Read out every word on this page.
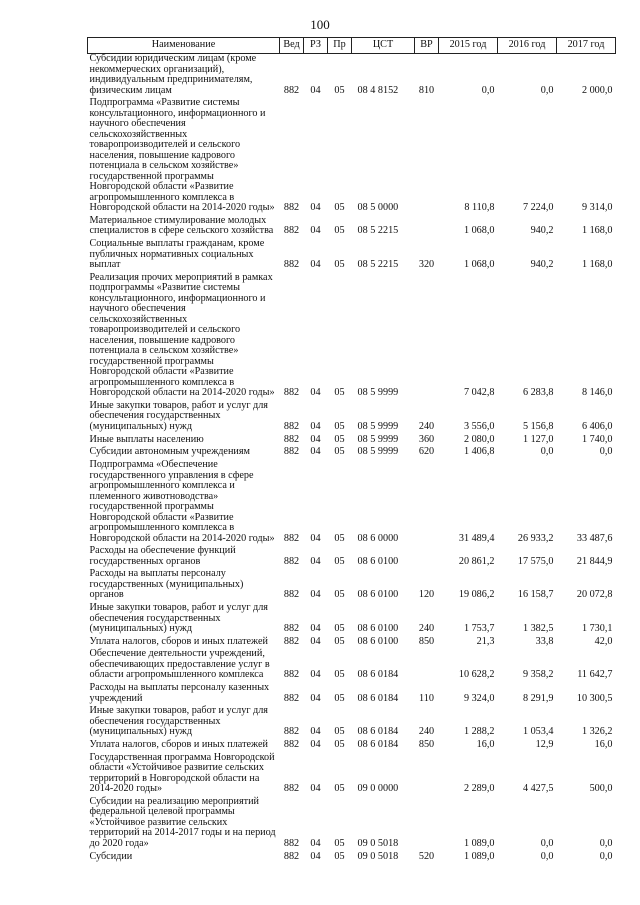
100
Наименование	Вед	РЗ	Пр	ЦСТ	ВР	2015 год	2016 год	2017 год
Субсидии юридическим лицам (кроме некоммерческих организаций), индивидуальным предпринимателям, физическим лицам	882	04	05	08 4 8152	810	0,0	0,0	2 000,0
Подпрограмма «Развитие системы консультационного, информационного и научного обеспечения сельскохозяйственных товаропроизводителей и сельского населения, повышение кадрового потенциала в сельском хозяйстве» государственной программы Новгородской области «Развитие агропромышленного комплекса в Новгородской области на 2014-2020 годы»	882	04	05	08 5 0000		8 110,8	7 224,0	9 314,0
Материальное стимулирование молодых специалистов в сфере сельского хозяйства	882	04	05	08 5 2215		1 068,0	940,2	1 168,0
Социальные выплаты гражданам, кроме публичных нормативных социальных выплат	882	04	05	08 5 2215	320	1 068,0	940,2	1 168,0
Реализация прочих мероприятий в рамках подпрограммы «Развитие системы консультационного, информационного и научного обеспечения сельскохозяйственных товаропроизводителей и сельского населения, повышение кадрового потенциала в сельском хозяйстве» государственной программы Новгородской области «Развитие агропромышленного комплекса в Новгородской области на 2014-2020 годы»	882	04	05	08 5 9999		7 042,8	6 283,8	8 146,0
Иные закупки товаров, работ и услуг для обеспечения государственных (муниципальных) нужд	882	04	05	08 5 9999	240	3 556,0	5 156,8	6 406,0
Иные выплаты населению	882	04	05	08 5 9999	360	2 080,0	1 127,0	1 740,0
Субсидии автономным учреждениям	882	04	05	08 5 9999	620	1 406,8	0,0	0,0
Подпрограмма «Обеспечение государственного управления в сфере агропромышленного комплекса и племенного животноводства» государственной программы Новгородской области «Развитие агропромышленного комплекса в Новгородской области на 2014-2020 годы»	882	04	05	08 6 0000		31 489,4	26 933,2	33 487,6
Расходы на обеспечение функций государственных органов	882	04	05	08 6 0100		20 861,2	17 575,0	21 844,9
Расходы на выплаты персоналу государственных (муниципальных) органов	882	04	05	08 6 0100	120	19 086,2	16 158,7	20 072,8
Иные закупки товаров, работ и услуг для обеспечения государственных (муниципальных) нужд	882	04	05	08 6 0100	240	1 753,7	1 382,5	1 730,1
Уплата налогов, сборов и иных платежей	882	04	05	08 6 0100	850	21,3	33,8	42,0
Обеспечение деятельности учреждений, обеспечивающих предоставление услуг в области агропромышленного комплекса	882	04	05	08 6 0184		10 628,2	9 358,2	11 642,7
Расходы на выплаты персоналу казенных учреждений	882	04	05	08 6 0184	110	9 324,0	8 291,9	10 300,5
Иные закупки товаров, работ и услуг для обеспечения государственных (муниципальных) нужд	882	04	05	08 6 0184	240	1 288,2	1 053,4	1 326,2
Уплата налогов, сборов и иных платежей	882	04	05	08 6 0184	850	16,0	12,9	16,0
Государственная программа Новгородской области «Устойчивое развитие сельских территорий в Новгородской области на 2014-2020 годы»	882	04	05	09 0 0000		2 289,0	4 427,5	500,0
Субсидии на реализацию мероприятий федеральной целевой программы «Устойчивое развитие сельских территорий на 2014-2017 годы и на период до 2020 года»	882	04	05	09 0 5018		1 089,0	0,0	0,0
Субсидии	882	04	05	09 0 5018	520	1 089,0	0,0	0,0
